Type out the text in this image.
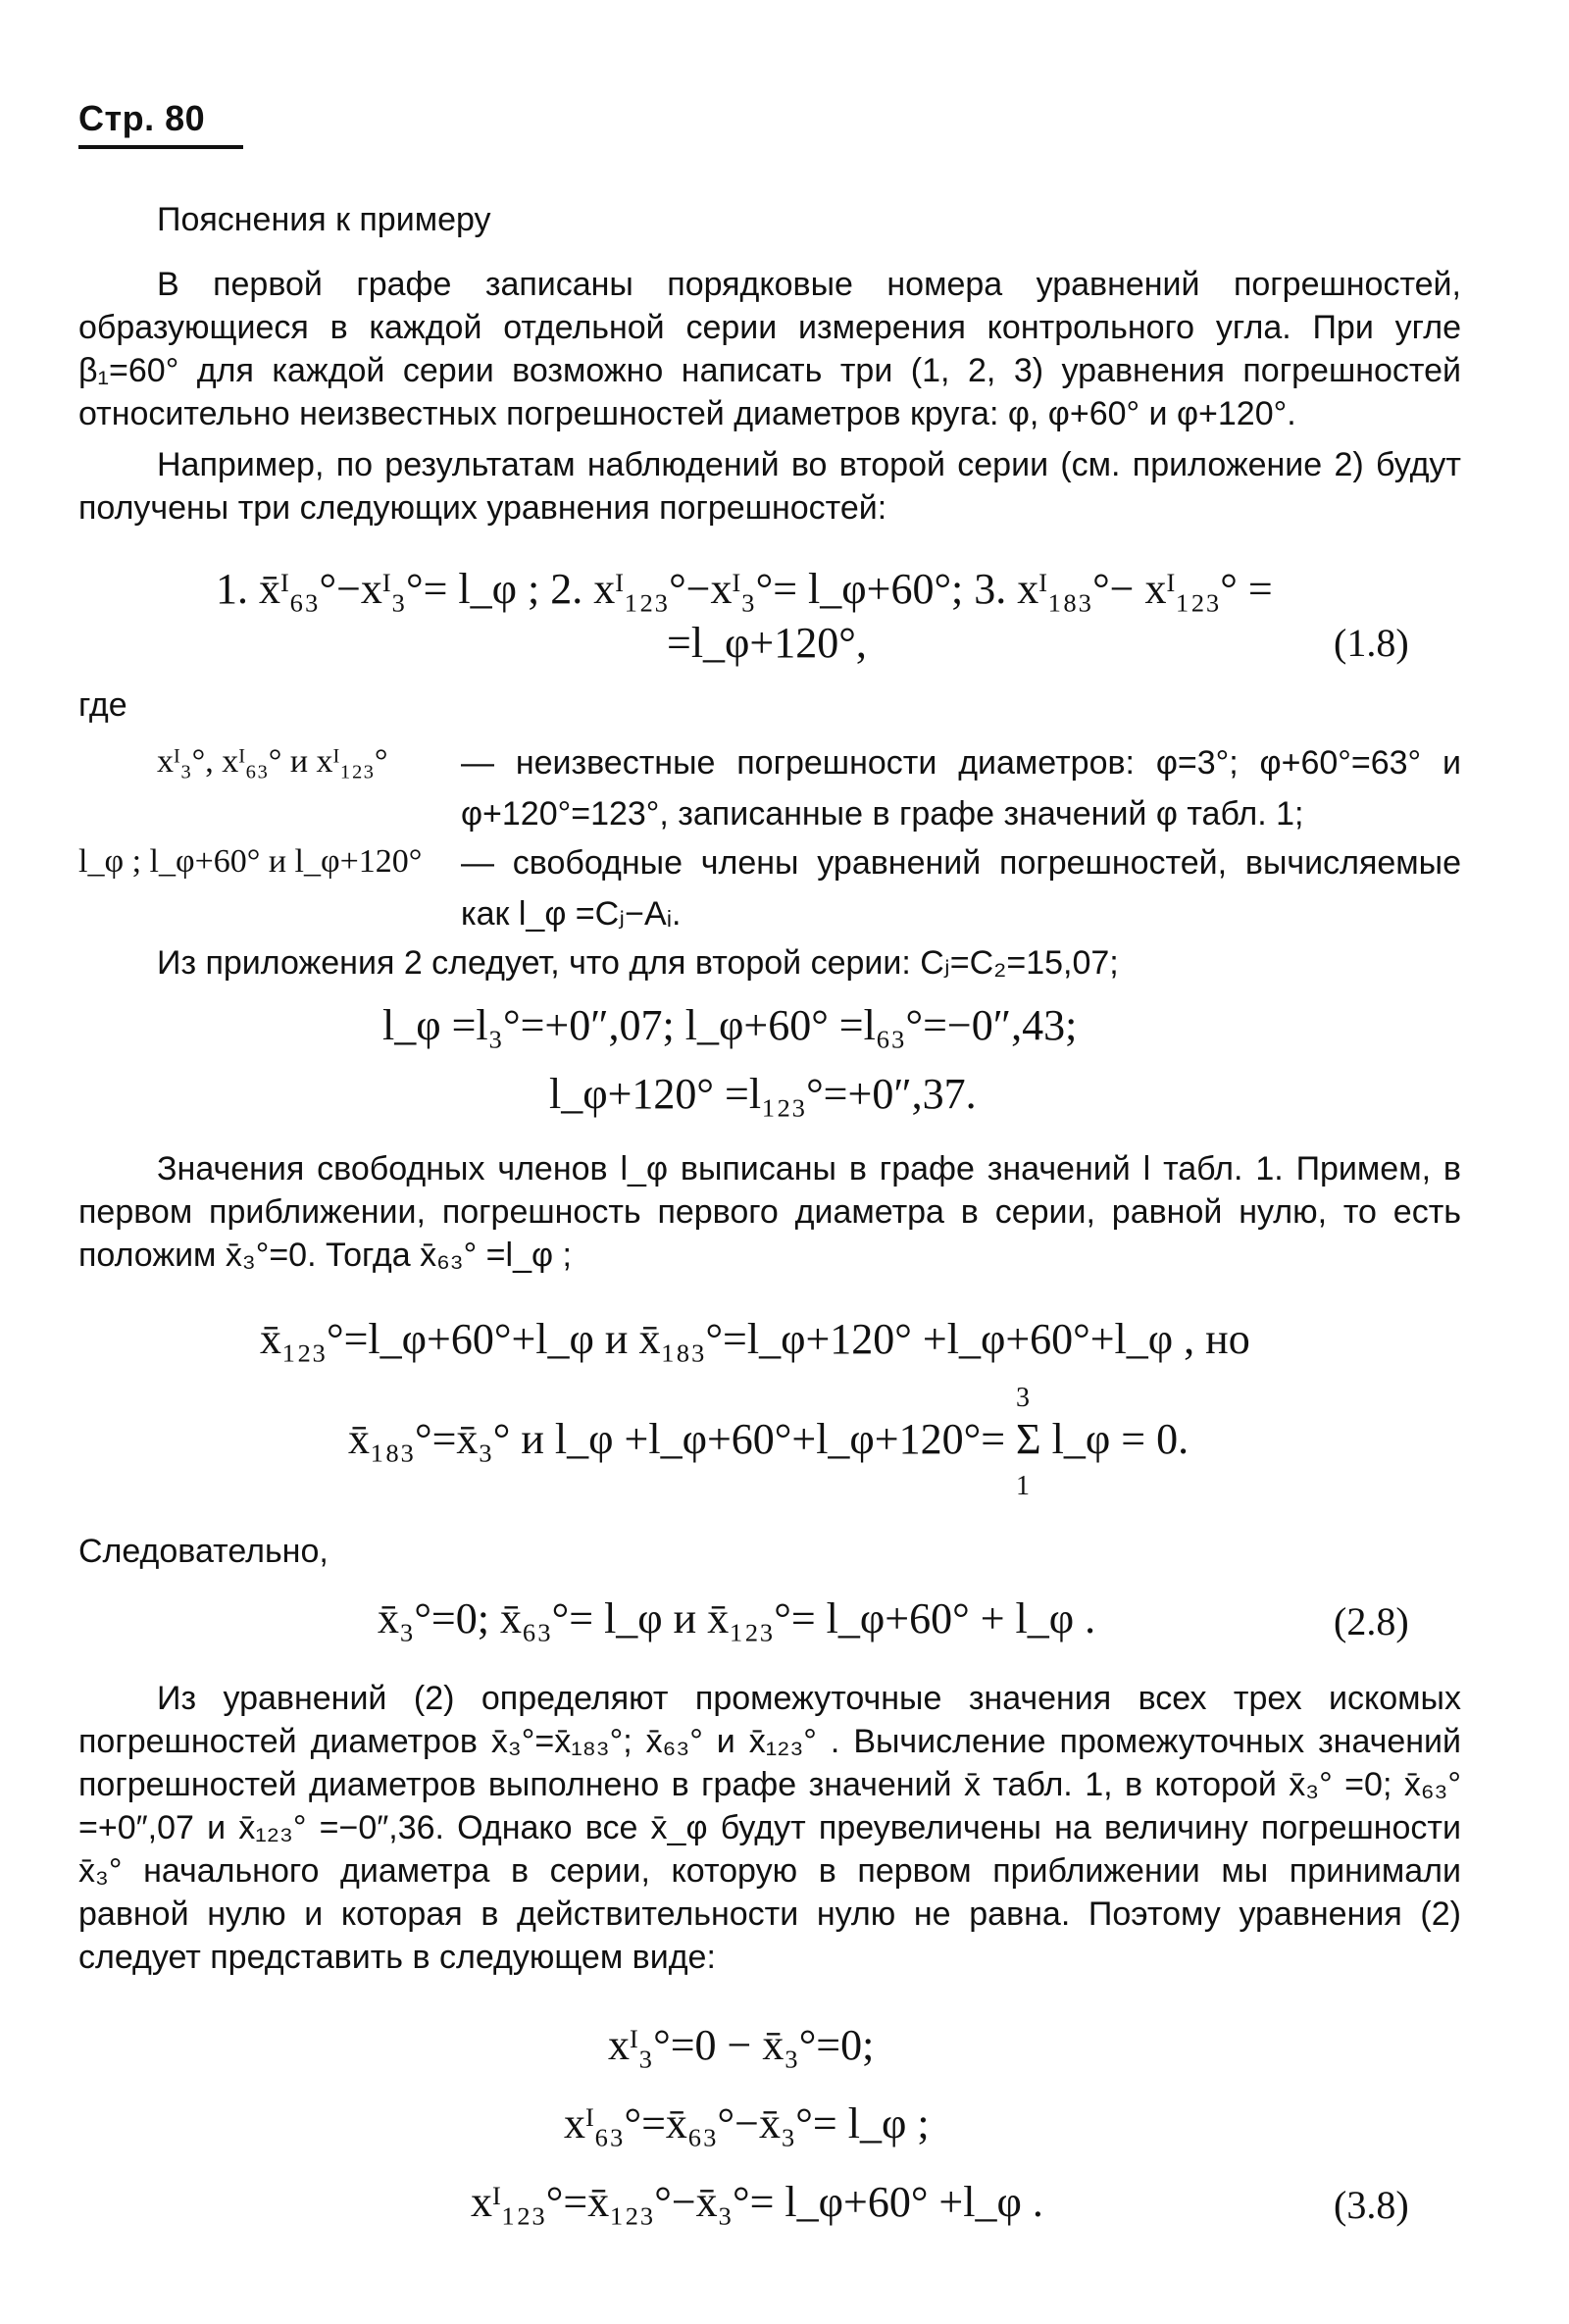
Стр. 80
Пояснения к примеру

В первой графе записаны порядковые номера уравнений погрешностей, образующиеся в каждой отдельной серии измерения контрольного угла. При угле β₁=60° для каждой серии возможно написать три (1, 2, 3) уравнения погрешностей относительно неизвестных погрешностей диаметров круга: φ, φ+60° и φ+120°.

Например, по результатам наблюдений во второй серии (см. приложение 2) будут получены три следующих уравнения погрешностей:

1. x̄ᴵ₆₃°−xᴵ₃°= l_φ ; 2. xᴵ₁₂₃°−xᴵ₃°= l_φ+60°; 3. xᴵ₁₈₃°− xᴵ₁₂₃° =
=l_φ+120°,	(1.8)
где
xᴵ₃°, xᴵ₆₃° и xᴵ₁₂₃° — неизвестные погрешности диаметров: φ=3°; φ+60°=63° и φ+120°=123°, записанные в графе значений φ табл. 1;
l_φ ; l_φ+60° и l_φ+120° — свободные члены уравнений погрешностей, вычисляемые как l_φ =Cⱼ−Aᵢ.

Из приложения 2 следует, что для второй серии: Cⱼ=C₂=15,07;

l_φ =l₃°=+0″,07; l_φ+60° =l₆₃°=−0″,43;
l_φ+120° =l₁₂₃°=+0″,37.

Значения свободных членов l_φ выписаны в графе значений l табл. 1. Примем, в первом приближении, погрешность первого диаметра в серии, равной нулю, то есть положим x̄₃°=0. Тогда x̄₆₃° =l_φ ;

x̄₁₂₃°=l_φ+60°+l_φ и x̄₁₈₃°=l_φ+120° +l_φ+60°+l_φ , но
3
x̄₁₈₃°=x̄₃° и l_φ +l_φ+60°+l_φ+120°= Σ l_φ = 0.
1

Следовательно,

x̄₃°=0; x̄₆₃°= l_φ и x̄₁₂₃°= l_φ+60° + l_φ .	(2.8)

Из уравнений (2) определяют промежуточные значения всех трех искомых погрешностей диаметров x̄₃°=x̄₁₈₃°; x̄₆₃° и x̄₁₂₃° . Вычисление промежуточных значений погрешностей диаметров выполнено в графе значений x̄ табл. 1, в которой x̄₃° =0; x̄₆₃° =+0″,07 и x̄₁₂₃° =−0″,36. Однако все x̄_φ будут преувеличены на величину погрешности x̄₃° начального диаметра в серии, которую в первом приближении мы принимали равной нулю и которая в действительности нулю не равна. Поэтому уравнения (2) следует представить в следующем виде:

xᴵ₃°=0 − x̄₃°=0;
xᴵ₆₃°=x̄₆₃°−x̄₃°= l_φ ;
xᴵ₁₂₃°=x̄₁₂₃°−x̄₃°= l_φ+60° +l_φ .	(3.8)
